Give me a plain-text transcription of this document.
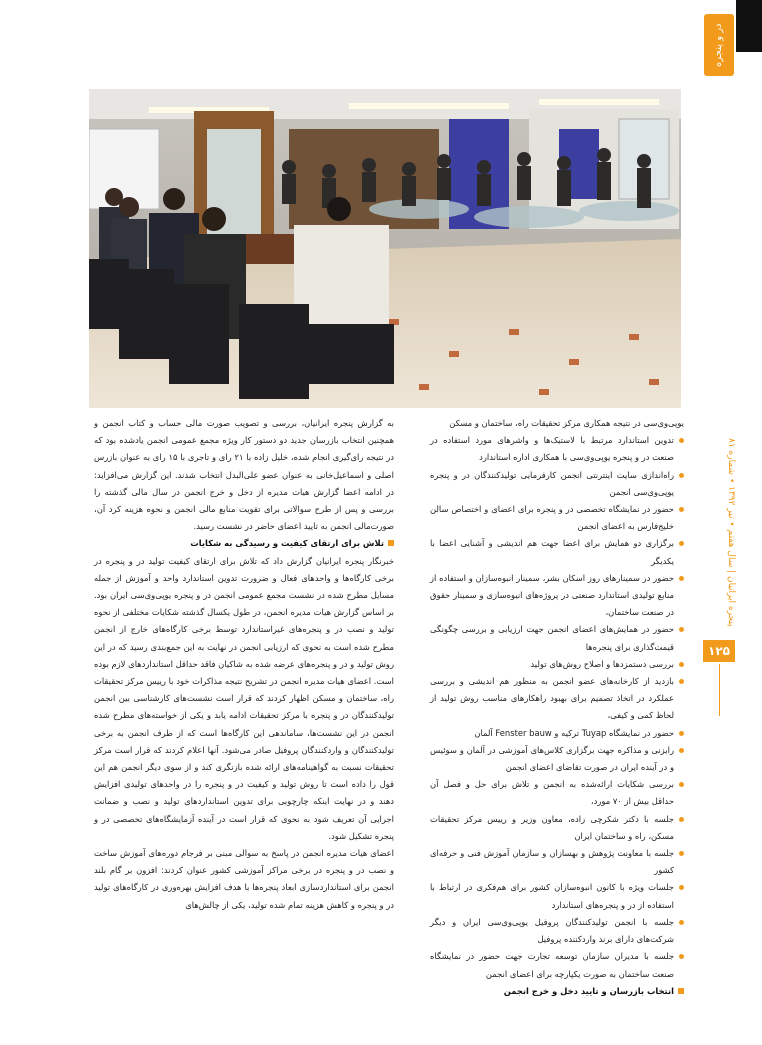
در و پنجره
پنجره ایرانیان | سال هفتم • تیر ۱۳۹۲ • شماره ۸۱
۱۲۵

یوپی‌وی‌سی در نتیجه همکاری مرکز تحقیقات راه، ساختمان و مسکن

تدوین استاندارد مرتبط با لاستیک‌ها و واشرهای مورد استفاده در صنعت در و پنجره یوپی‌وی‌سی با همکاری اداره استاندارد

راه‌اندازی سایت اینترنتی انجمن کارفرمایی تولیدکنندگان در و پنجره یوپی‌وی‌سی انجمن

حضور در نمایشگاه تخصصی در و پنجره برای اعضای و اختصاص سالن خلیج‌فارس به اعضای انجمن

برگزاری دو همایش برای اعضا جهت هم اندیشی و آشنایی اعضا با یکدیگر

حضور در سمینارهای روز اسکان بشر، سمینار انبوه‌سازان و استفاده از منابع تولیدی استاندارد صنعتی در پروژه‌های انبوه‌سازی و سمینار حقوق در صنعت ساختمان،

حضور در همایش‌های اعضای انجمن جهت ارزیابی و بررسی چگونگی قیمت‌گذاری برای پنجره‌ها

بررسی دستمزدها و اصلاح روش‌های تولید

بازدید از کارخانه‌های عضو انجمن به منظور هم اندیشی و بررسی عملکرد در اتخاذ تصمیم برای بهبود راهکارهای مناسب روش تولید از لحاظ کمی و کیفی،

حضور در نمایشگاه Tuyap ترکیه و Fenster bauw آلمان

رایزنی و مذاکره جهت برگزاری کلاس‌های آموزشی در آلمان و سوئیس و در آینده ایران در صورت تقاضای اعضای انجمن

بررسی شکایات ارائه‌شده به انجمن و تلاش برای حل و فصل آن حداقل بیش از ۷۰ مورد،

جلسه با دکتر شکرچی زاده، معاون وزیر و رییس مرکز تحقیقات مسکن، راه و ساختمان ایران

جلسه با معاونت پژوهش و بهسازان و سازمان آموزش فنی و حرفه‌ای کشور

جلسات ویژه با کانون انبوه‌سازان کشور برای هم‌فکری در ارتباط با استفاده از در و پنجره‌های استاندارد

جلسه با انجمن تولیدکنندگان پروفیل یوپی‌وی‌سی ایران و دیگر شرکت‌های دارای برند واردکننده پروفیل

جلسه با مدیران سازمان توسعه تجارت جهت حضور در نمایشگاه صنعت ساختمان به صورت یکپارچه برای اعضای انجمن

انتخاب بازرسان و تایید دخل و خرج انجمن

به گزارش پنجره ایرانیان، بررسی و تصویب صورت مالی حساب و کتاب انجمن و همچنین انتخاب بازرسان جدید دو دستور کار ویژه مجمع عمومی انجمن یادشده بود که در نتیجه رای‌گیری انجام شده، خلیل زاده با ۲۱ رای و تاجری با ۱۵ رای به عنوان بازرس اصلی و اسماعیل‌خانی به عنوان عضو علی‌البدل انتخاب شدند. این گزارش می‌افزاید: در ادامه اعضا گزارش هیات مدیره از دخل و خرج انجمن در سال مالی گذشته را بررسی و پس از طرح سوالاتی برای تقویت منابع مالی انجمن و نحوه هزینه کرد آن، صورت‌مالی انجمن به تایید اعضای حاضر در نشست رسید.

تلاش برای ارتقای کیفیت و رسیدگی به شکایات

خبرنگار پنجره ایرانیان گزارش داد که تلاش برای ارتقای کیفیت تولید در و پنجره در برخی کارگاه‌ها و واحدهای فعال و ضرورت تدوین استاندارد واحد و آموزش از جمله مسایل مطرح شده در نشست مجمع عمومی انجمن در و پنجره یوپی‌وی‌سی ایران بود. بر اساس گزارش هیات مدیره انجمن، در طول یکسال گذشته شکایات مختلفی از نحوه تولید و نصب در و پنجره‌های غیراستاندارد توسط برخی کارگاه‌های خارج از انجمن مطرح شده است به نحوی که ارزیابی انجمن در نهایت به این جمع‌بندی رسید که در این روش تولید و در و پنجره‌های عرضه شده به شاکیان فاقد حداقل استانداردهای لازم بوده است. اعضای هیات مدیره انجمن در تشریح نتیجه مذاکرات خود با رییس مرکز تحقیقات راه، ساختمان و مسکن اظهار کردند که قرار است نشست‌های کارشناسی بین انجمن تولیدکنندگان در و پنجره با مرکز تحقیقات ادامه یابد و یکی از خواسته‌های مطرح شده انجمن در این نشست‌ها، ساماندهی این کارگاه‌ها است که از طرف انجمن به برخی تولیدکنندگان و واردکنندگان پروفیل صادر می‌شود. آنها اعلام کردند که قرار است مرکز تحقیقات نسبت به گواهینامه‌های ارائه شده بازنگری کند و از سوی دیگر انجمن هم این قول را داده است تا روش تولید و کیفیت در و پنجره را در واحدهای تولیدی افزایش دهند و در نهایت اینکه چارچوبی برای تدوین استانداردهای تولید و نصب و ضمانت اجرایی آن تعریف شود به نحوی که قرار است در آینده آزمایشگاه‌های تخصصی در و پنجره تشکیل شود.

اعضای هیات مدیره انجمن در پاسخ به سوالی مبنی بر فرجام دوره‌های آموزش ساخت و نصب در و پنجره در برخی مراکز آموزشی کشور عنوان کردند: افزون بر گام بلند انجمن برای استانداردسازی ابعاد پنجره‌ها با هدف افزایش بهره‌وری در کارگاه‌های تولید در و پنجره و کاهش هزینه تمام شده تولید، یکی از چالش‌های
